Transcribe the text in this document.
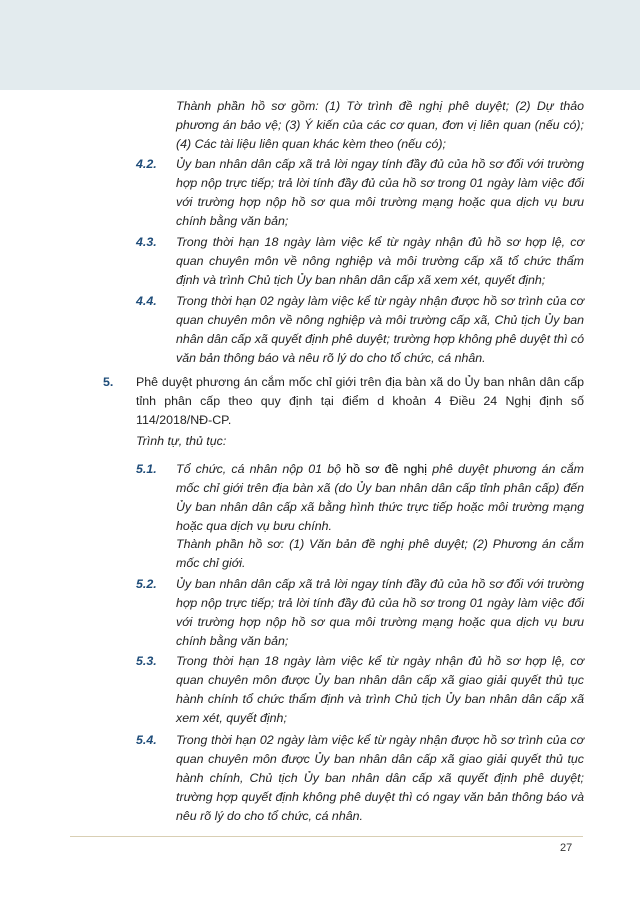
Thành phần hồ sơ gồm: (1) Tờ trình đề nghị phê duyệt; (2) Dự thảo phương án bảo vệ; (3) Ý kiến của các cơ quan, đơn vị liên quan (nếu có); (4) Các tài liệu liên quan khác kèm theo (nếu có);
4.2. Ủy ban nhân dân cấp xã trả lời ngay tính đầy đủ của hồ sơ đối với trường hợp nộp trực tiếp; trả lời tính đầy đủ của hồ sơ trong 01 ngày làm việc đối với trường hợp nộp hồ sơ qua môi trường mạng hoặc qua dịch vụ bưu chính bằng văn bản;
4.3. Trong thời hạn 18 ngày làm việc kể từ ngày nhận đủ hồ sơ hợp lệ, cơ quan chuyên môn về nông nghiệp và môi trường cấp xã tổ chức thẩm định và trình Chủ tịch Ủy ban nhân dân cấp xã xem xét, quyết định;
4.4. Trong thời hạn 02 ngày làm việc kể từ ngày nhận được hồ sơ trình của cơ quan chuyên môn về nông nghiệp và môi trường cấp xã, Chủ tịch Ủy ban nhân dân cấp xã quyết định phê duyệt; trường hợp không phê duyệt thì có văn bản thông báo và nêu rõ lý do cho tổ chức, cá nhân.
5. Phê duyệt phương án cắm mốc chỉ giới trên địa bàn xã do Ủy ban nhân dân cấp tỉnh phân cấp theo quy định tại điểm d khoản 4 Điều 24 Nghị định số 114/2018/NĐ-CP.
Trình tự, thủ tục:
5.1. Tổ chức, cá nhân nộp 01 bộ hồ sơ đề nghị phê duyệt phương án cắm mốc chỉ giới trên địa bàn xã (do Ủy ban nhân dân cấp tỉnh phân cấp) đến Ủy ban nhân dân cấp xã bằng hình thức trực tiếp hoặc môi trường mạng hoặc qua dịch vụ bưu chính.
Thành phần hồ sơ: (1) Văn bản đề nghị phê duyệt; (2) Phương án cắm mốc chỉ giới.
5.2. Ủy ban nhân dân cấp xã trả lời ngay tính đầy đủ của hồ sơ đối với trường hợp nộp trực tiếp; trả lời tính đầy đủ của hồ sơ trong 01 ngày làm việc đối với trường hợp nộp hồ sơ qua môi trường mạng hoặc qua dịch vụ bưu chính bằng văn bản;
5.3. Trong thời hạn 18 ngày làm việc kể từ ngày nhận đủ hồ sơ hợp lệ, cơ quan chuyên môn được Ủy ban nhân dân cấp xã giao giải quyết thủ tục hành chính tổ chức thẩm định và trình Chủ tịch Ủy ban nhân dân cấp xã xem xét, quyết định;
5.4. Trong thời hạn 02 ngày làm việc kể từ ngày nhận được hồ sơ trình của cơ quan chuyên môn được Ủy ban nhân dân cấp xã giao giải quyết thủ tục hành chính, Chủ tịch Ủy ban nhân dân cấp xã quyết định phê duyệt; trường hợp quyết định không phê duyệt thì có ngay văn bản thông báo và nêu rõ lý do cho tổ chức, cá nhân.
27
